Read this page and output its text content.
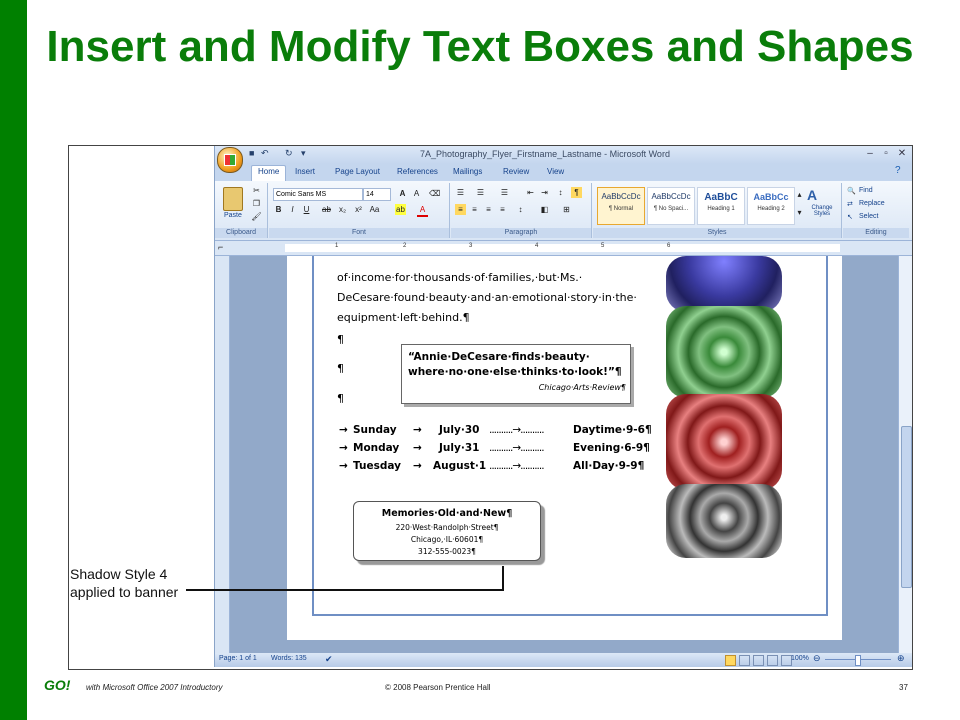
Insert and Modify Text Boxes and Shapes
■ ↶ ↻ ▾	7A_Photography_Flyer_Firstname_Lastname - Microsoft Word	–	▫	✕
Home	Insert Page Layout References Mailings	Review View	?
Paste
✂
❐
🖌
Clipboard
Comic Sans MS	14	A	A	⌫
B	I	U	ab x₂ x² Aa ab	A
Font
☰ ☰ ☰ ⇤ ⇥	↕	¶
≡	≡	≡	≡	↕	◧ ⊞
Paragraph
AaBbCcDc
¶ Normal
AaBbCcDc
¶ No Spaci...
AaBbC
Heading 1
AaBbCc
Heading 2
▴
▾
A
Change Styles
Styles
🔍 Find
⇄ Replace
↖ Select
Editing
1	2	3	4	5	6
⌐
of·income·for·thousands·of·families,·but·Ms.·
DeCesare·found·beauty·and·an·emotional·story·in·the·
equipment·left·behind.¶
¶
¶
¶
“Annie·DeCesare·finds·beauty·
where·no·one·else·thinks·to·look!”¶
Chicago·Arts·Review¶
→ Sunday → July·30 ..........→..........	Daytime·9-6¶
→ Monday → July·31 ..........→..........	Evening·6-9¶
→ Tuesday → August·1 ..........→..........	All·Day·9-9¶
Memories·Old·and·New¶
220·West·Randolph·Street¶
Chicago,·IL·60601¶
312-555-0023¶
Page: 1 of 1 Words: 135 ✔	100% ⊖	⊕
Shadow Style 4 applied to banner
GO! with Microsoft Office 2007 Introductory	© 2008 Pearson Prentice Hall	37
